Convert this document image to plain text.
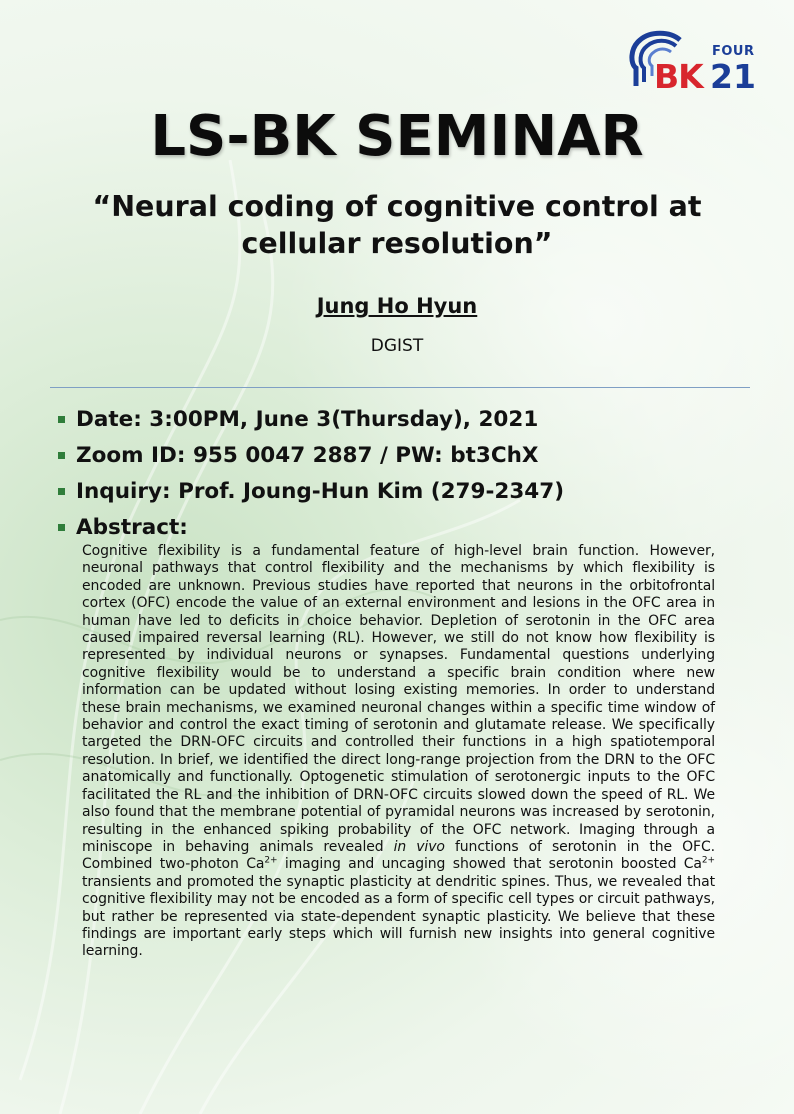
FOUR
BK 21
LS-BK SEMINAR
“Neural coding of cognitive control at
cellular resolution”
Jung Ho Hyun
DGIST
Date: 3:00PM, June 3(Thursday), 2021
Zoom ID: 955 0047 2887 / PW: bt3ChX
Inquiry: Prof. Joung-Hun Kim (279-2347)
Abstract:

Cognitive flexibility is a fundamental feature of high-level brain function. However, neuronal pathways that control flexibility and the mechanisms by which flexibility is encoded are unknown. Previous studies have reported that neurons in the orbitofrontal cortex (OFC) encode the value of an external environment and lesions in the OFC area in human have led to deficits in choice behavior. Depletion of serotonin in the OFC area caused impaired reversal learning (RL). However, we still do not know how flexibility is represented by individual neurons or synapses. Fundamental questions underlying cognitive flexibility would be to understand a specific brain condition where new information can be updated without losing existing memories. In order to understand these brain mechanisms, we examined neuronal changes within a specific time window of behavior and control the exact timing of serotonin and glutamate release. We specifically targeted the DRN-OFC circuits and controlled their functions in a high spatiotemporal resolution. In brief, we identified the direct long-range projection from the DRN to the OFC anatomically and functionally. Optogenetic stimulation of serotonergic inputs to the OFC facilitated the RL and the inhibition of DRN-OFC circuits slowed down the speed of RL. We also found that the membrane potential of pyramidal neurons was increased by serotonin, resulting in the enhanced spiking probability of the OFC network. Imaging through a miniscope in behaving animals revealed in vivo functions of serotonin in the OFC. Combined two-photon $Ca^{2+}$ imaging and uncaging showed that serotonin boosted $Ca^{2+}$ transients and promoted the synaptic plasticity at dendritic spines. Thus, we revealed that cognitive flexibility may not be encoded as a form of specific cell types or circuit pathways, but rather be represented via state-dependent synaptic plasticity. We believe that these findings are important early steps which will furnish new insights into general cognitive learning.
